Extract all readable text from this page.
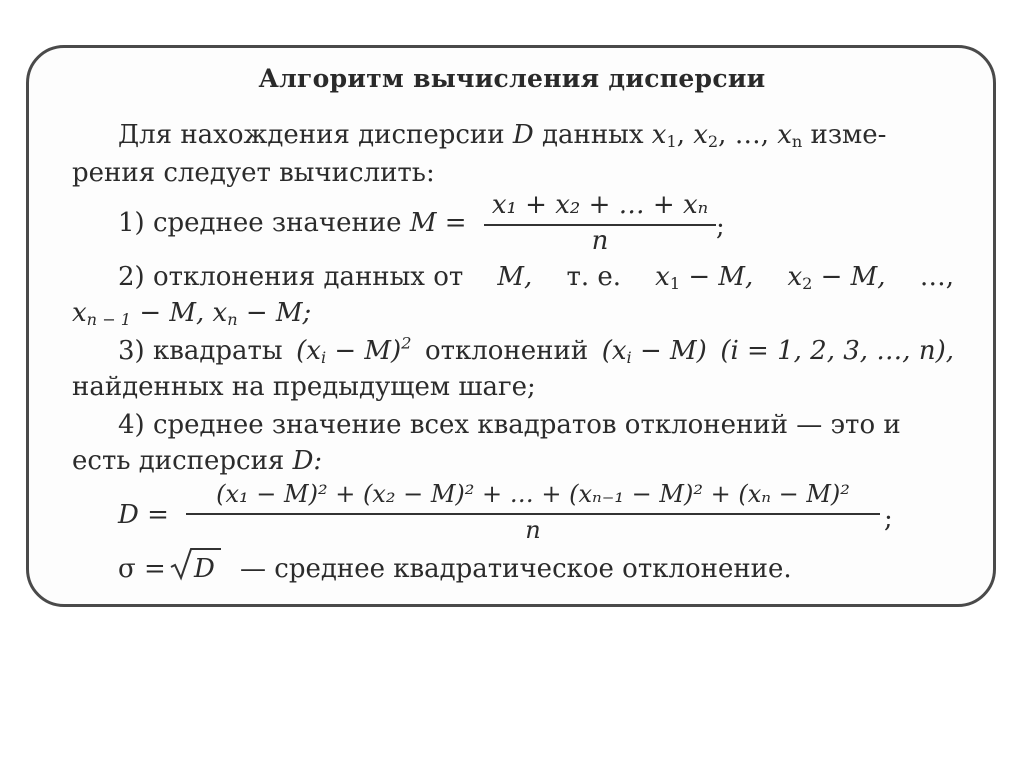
Алгоритм вычисления дисперсии
Для нахождения дисперсии D данных $x_1$, $x_2$, …, $x_n$ изме-
рения следует вычислить:
1) среднее значение M =
x₁ + x₂ + … + xₙ
n	;
2) отклонения данных от M, т. е. $x_1 - M$, $x_2 - M$, …,
$x_{n - 1} - M$, $x_n - M$;
3) квадраты $(x_i - M)^2$ отклонений $(x_i - M) (i = 1$, 2, 3, …, n),
найденных на предыдущем шаге;
4) среднее значение всех квадратов отклонений — это и
есть дисперсия D:
D =
(x₁ − M)² + (x₂ − M)² + … + (xₙ₋₁ − M)² + (xₙ − M)²
n	;
σ = D — среднее квадратическое отклонение.
